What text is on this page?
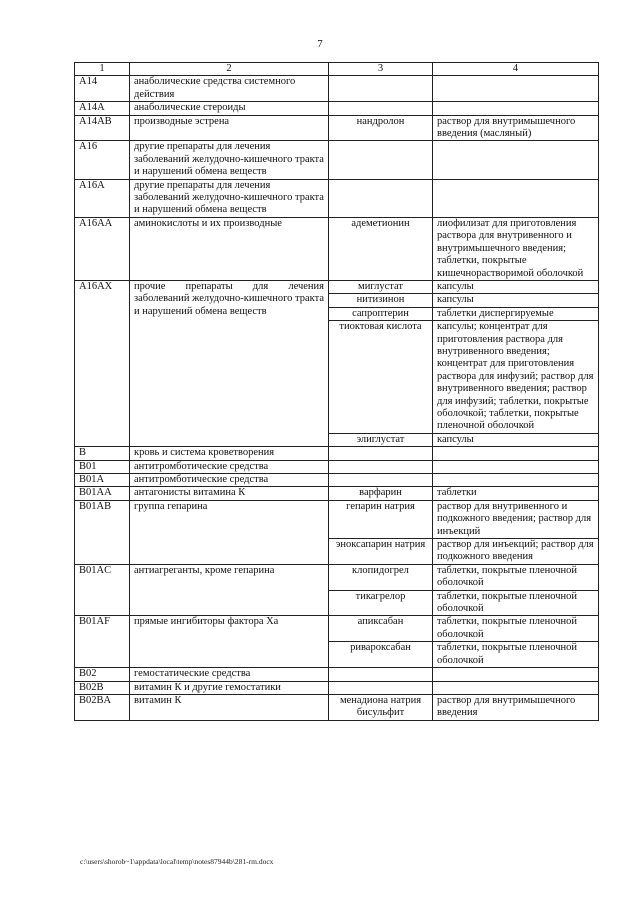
7
1	2	3	4
A14	анаболические средства системного действия		
A14A	анаболические стероиды		
A14AB	производные эстрена	нандролон	раствор для внутримышечного введения (масляный)
A16	другие препараты для лечения заболеваний желудочно-кишечного тракта и нарушений обмена веществ		
A16A	другие препараты для лечения заболеваний желудочно-кишечного тракта и нарушений обмена веществ		
A16AA	аминокислоты и их производные	адеметионин	лиофилизат для приготовления раствора для внутривенного и внутримышечного введения; таблетки, покрытые кишечнорастворимой оболочкой
A16AX	прочие препараты для лечения заболеваний желудочно-кишечного тракта и нарушений обмена веществ	миглустат	капсулы
		нитизинон	капсулы
		сапроптерин	таблетки диспергируемые
		тиоктовая кислота	капсулы; концентрат для приготовления раствора для внутривенного введения; концентрат для приготовления раствора для инфузий; раствор для внутривенного введения; раствор для инфузий; таблетки, покрытые оболочкой; таблетки, покрытые пленочной оболочкой
		элиглустат	капсулы
B	кровь и система кроветворения		
B01	антитромботические средства		
B01A	антитромботические средства		
B01AA	антагонисты витамина К	варфарин	таблетки
B01AB	группа гепарина	гепарин натрия	раствор для внутривенного и подкожного введения; раствор для инъекций
		эноксапарин натрия	раствор для инъекций; раствор для подкожного введения
B01AC	антиагреганты, кроме гепарина	клопидогрел	таблетки, покрытые пленочной оболочкой
		тикагрелор	таблетки, покрытые пленочной оболочкой
B01AF	прямые ингибиторы фактора Xa	апиксабан	таблетки, покрытые пленочной оболочкой
		ривароксабан	таблетки, покрытые пленочной оболочкой
B02	гемостатические средства		
B02B	витамин К и другие гемостатики		
B02BA	витамин К	менадиона натрия бисульфит	раствор для внутримышечного введения
c:\users\shorob~1\appdata\local\temp\notes87944b\281-rm.docx
